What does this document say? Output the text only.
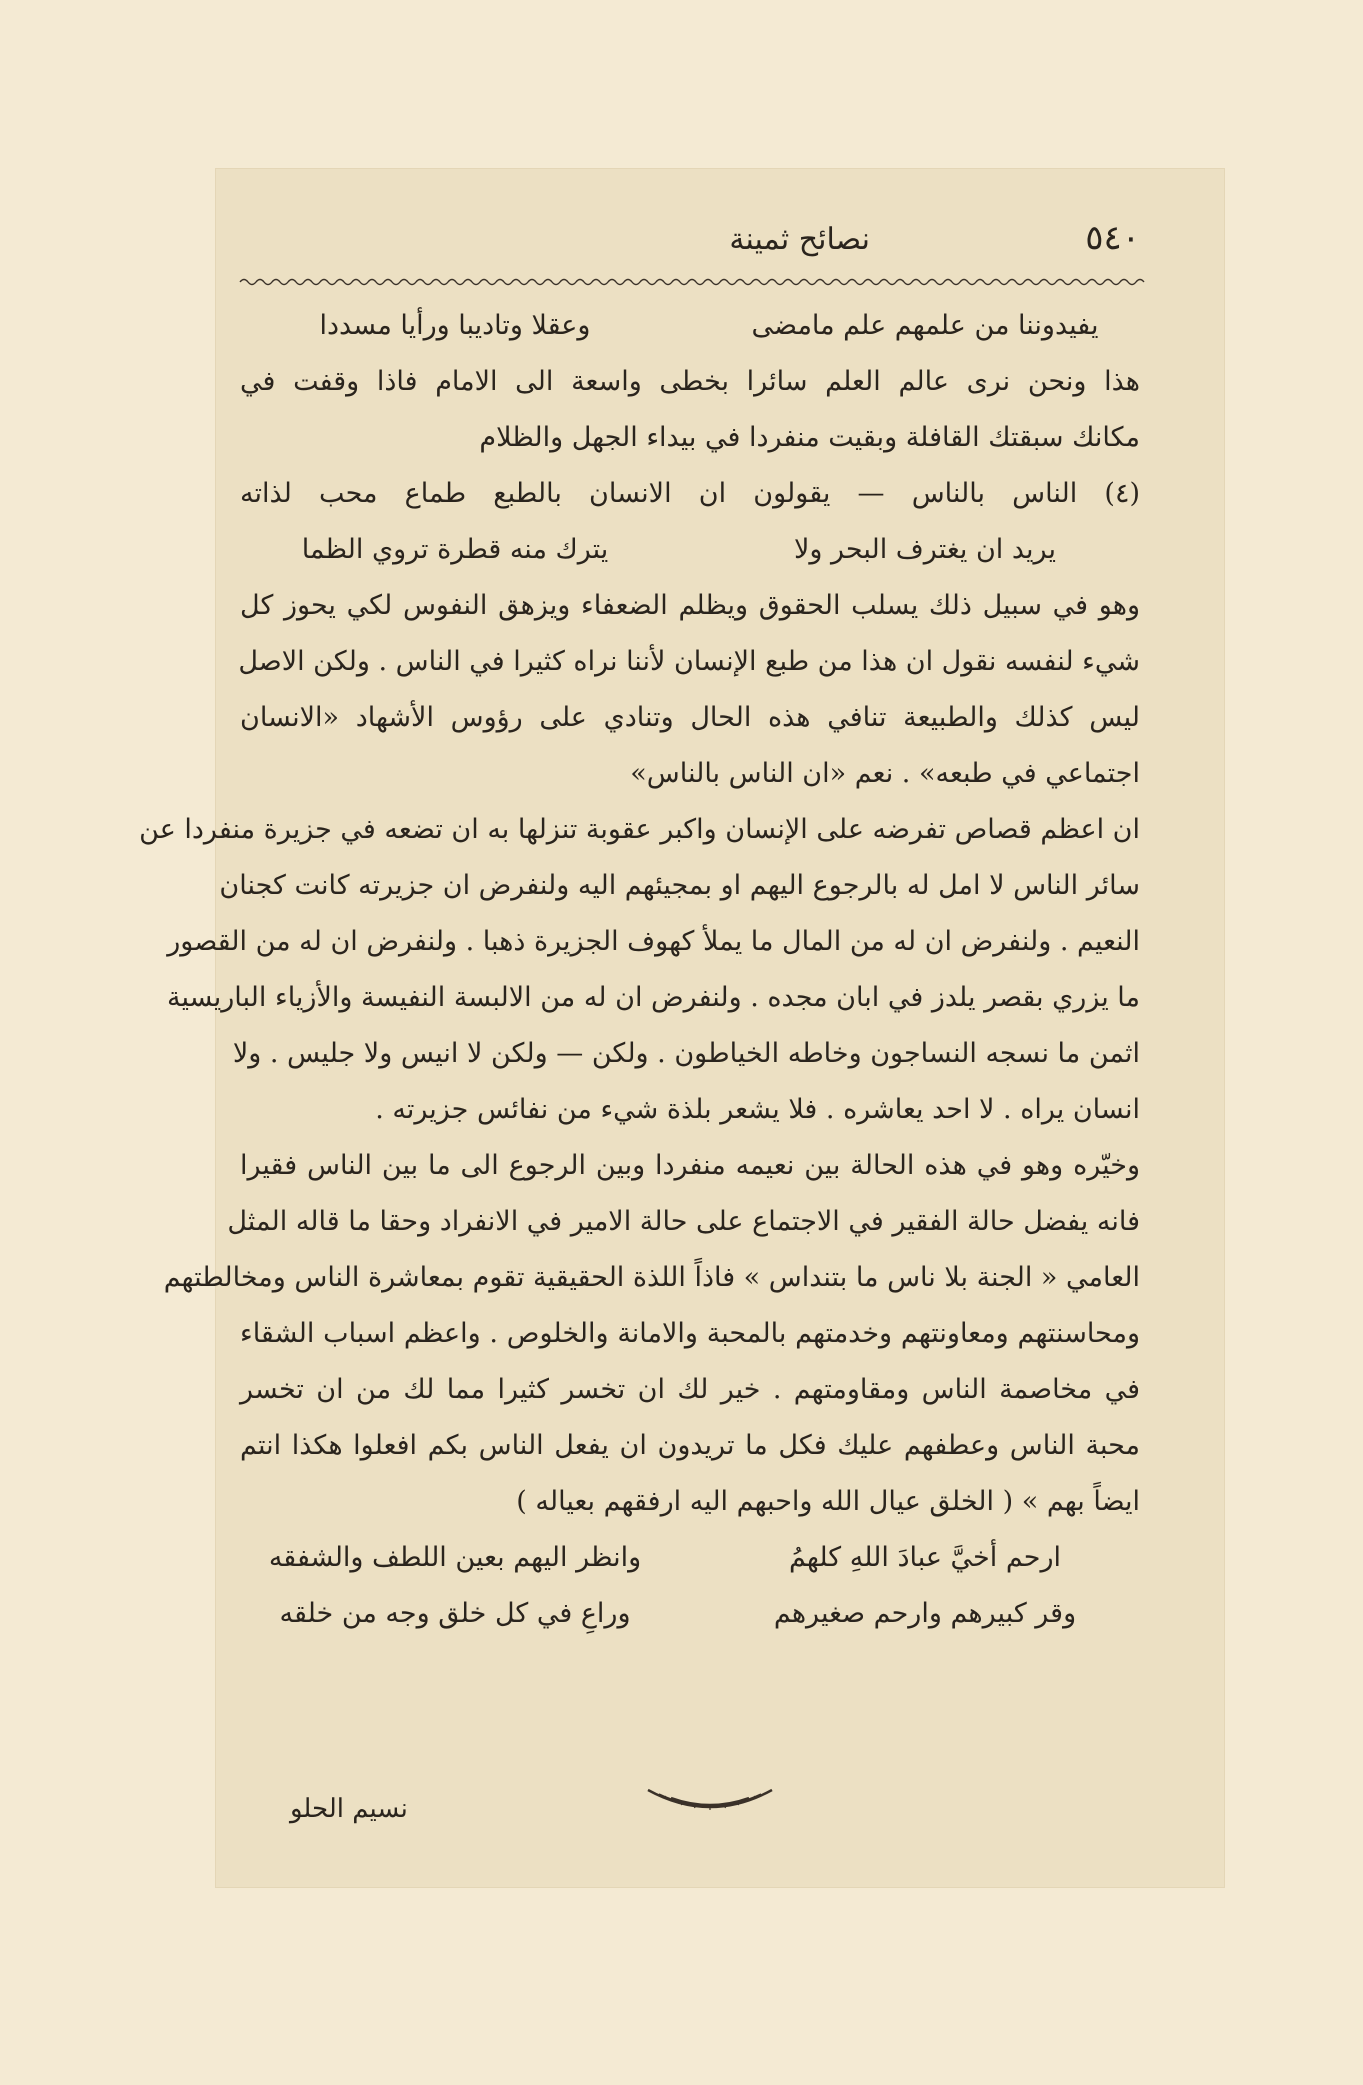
٥٤٠
نصائح ثمينة
يفيدوننا من علمهم علم مامضى
وعقلا وتاديبا ورأيا مسددا
هذا ونحن نرى عالم العلم سائرا بخطى واسعة الى الامام فاذا وقفت في
مكانك سبقتك القافلة وبقيت منفردا في بيداء الجهل والظلام
(٤) الناس بالناس — يقولون ان الانسان بالطبع طماع محب لذاته
يريد ان يغترف البحر ولا
يترك منه قطرة تروي الظما
وهو في سبيل ذلك يسلب الحقوق ويظلم الضعفاء ويزهق النفوس لكي يحوز كل
شيء لنفسه نقول ان هذا من طبع الإنسان لأننا نراه كثيرا في الناس . ولكن الاصل
ليس كذلك والطبيعة تنافي هذه الحال وتنادي على رؤوس الأشهاد «الانسان
اجتماعي في طبعه» . نعم «ان الناس بالناس»
ان اعظم قصاص تفرضه على الإنسان واكبر عقوبة تنزلها به ان تضعه في جزيرة منفردا عن
سائر الناس لا امل له بالرجوع اليهم او بمجيئهم اليه ولنفرض ان جزيرته كانت كجنان
النعيم . ولنفرض ان له من المال ما يملأ كهوف الجزيرة ذهبا . ولنفرض ان له من القصور
ما يزري بقصر يلدز في ابان مجده . ولنفرض ان له من الالبسة النفيسة والأزياء الباريسية
اثمن ما نسجه النساجون وخاطه الخياطون . ولكن — ولكن لا انيس ولا جليس . ولا
انسان يراه . لا احد يعاشره . فلا يشعر بلذة شيء من نفائس جزيرته .
وخيّره وهو في هذه الحالة بين نعيمه منفردا وبين الرجوع الى ما بين الناس فقيرا
فانه يفضل حالة الفقير في الاجتماع على حالة الامير في الانفراد وحقا ما قاله المثل
العامي « الجنة بلا ناس ما بتنداس » فاذاً اللذة الحقيقية تقوم بمعاشرة الناس ومخالطتهم
ومحاسنتهم ومعاونتهم وخدمتهم بالمحبة والامانة والخلوص . واعظم اسباب الشقاء
في مخاصمة الناس ومقاومتهم . خير لك ان تخسر كثيرا مما لك من ان تخسر
محبة الناس وعطفهم عليك فكل ما تريدون ان يفعل الناس بكم افعلوا هكذا انتم
ايضاً بهم » ( الخلق عيال الله واحبهم اليه ارفقهم بعياله )
ارحم أخيَّ عبادَ اللهِ كلهمُ
وانظر اليهم بعين اللطف والشفقه
وقر كبيرهم وارحم صغيرهم
وراعِ في كل خلق وجه من خلقه
نسيم الحلو
